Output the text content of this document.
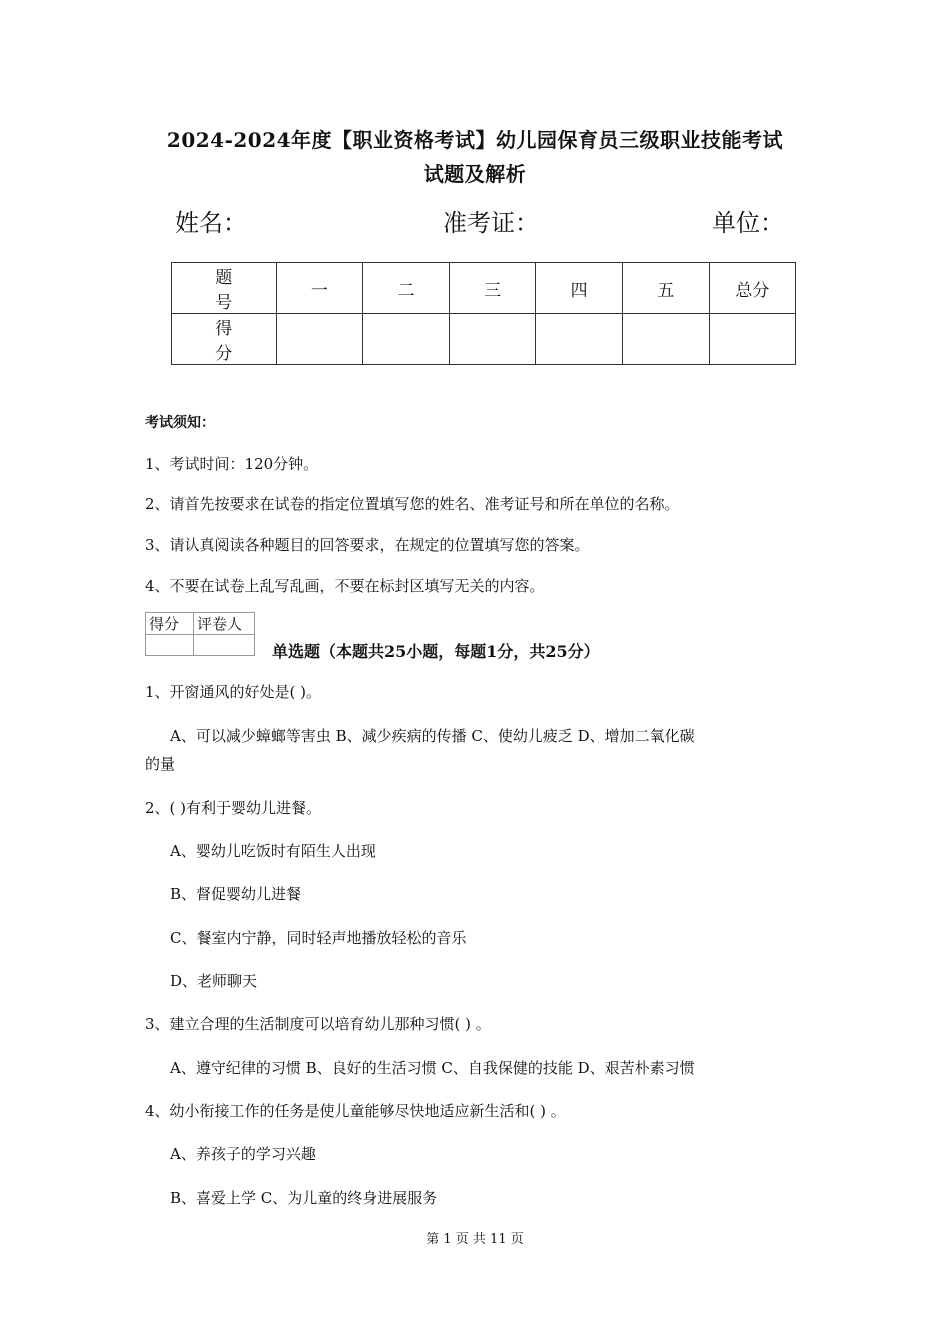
2024-2024年度【职业资格考试】幼儿园保育员三级职业技能考试
试题及解析
姓名：	准考证：	单位：
题 号	一	二	三	四	五	总分
得 分						
考试须知：
1、考试时间：120分钟。
2、请首先按要求在试卷的指定位置填写您的姓名、准考证号和所在单位的名称。
3、请认真阅读各种题目的回答要求，在规定的位置填写您的答案。
4、不要在试卷上乱写乱画，不要在标封区填写无关的内容。
得分	评卷人

单选题（本题共25小题，每题1分，共25分）
1、开窗通风的好处是( )。
A、可以减少蟑螂等害虫 B、减少疾病的传播 C、使幼儿疲乏 D、增加二氧化碳
的量
2、( )有利于婴幼儿进餐。
A、婴幼儿吃饭时有陌生人出现
B、督促婴幼儿进餐
C、餐室内宁静，同时轻声地播放轻松的音乐
D、老师聊天
3、建立合理的生活制度可以培育幼儿那种习惯( ) 。
A、遵守纪律的习惯 B、良好的生活习惯 C、自我保健的技能 D、艰苦朴素习惯
4、幼小衔接工作的任务是使儿童能够尽快地适应新生活和( ) 。
A、养孩子的学习兴趣
B、喜爱上学 C、为儿童的终身进展服务
第 1 页 共 11 页
